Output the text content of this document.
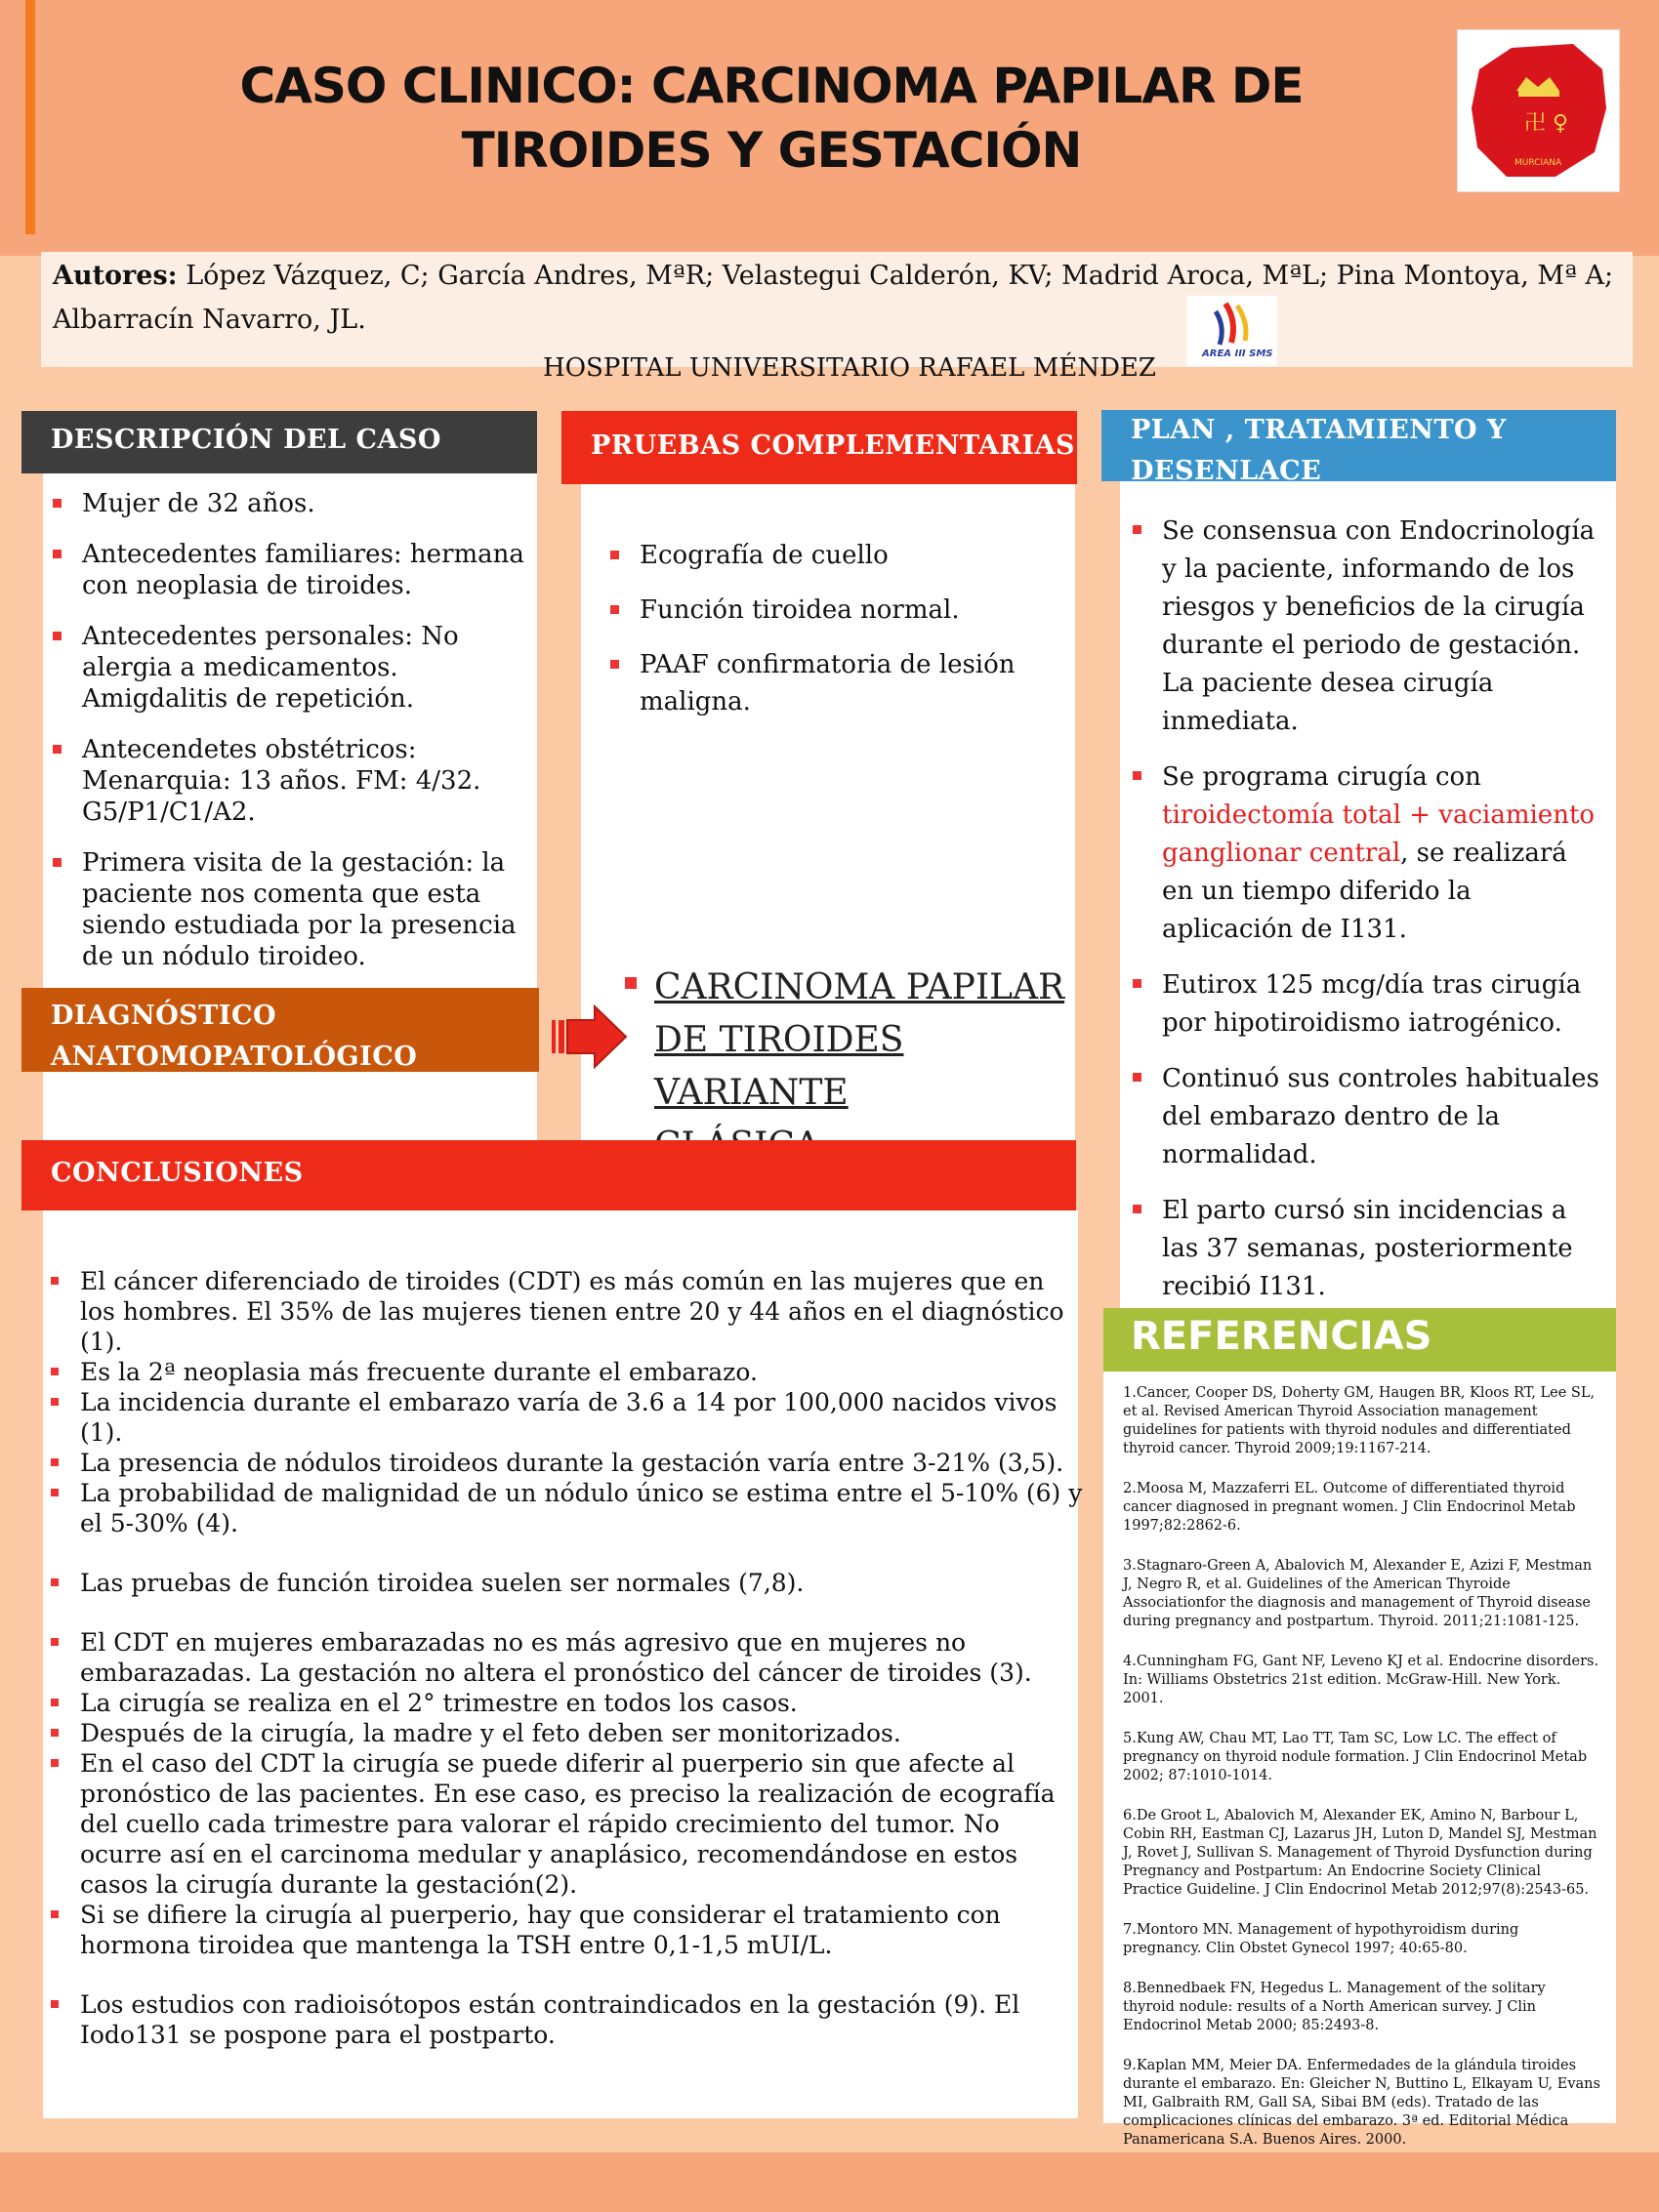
CASO CLINICO: CARCINOMA PAPILAR DE
TIROIDES Y GESTACIÓN	卍 ♀
MURCIANA
Autores: López Vázquez, C; García Andres, MªR; Velastegui Calderón, KV; Madrid Aroca, MªL; Pina Montoya, Mª A;
Albarracín Navarro, JL.
AREA III SMS
HOSPITAL UNIVERSITARIO RAFAEL MÉNDEZ
DESCRIPCIÓN DEL CASO
Mujer de 32 años.
Antecedentes familiares: hermana con neoplasia de tiroides.
Antecedentes personales: No alergia a medicamentos. Amigdalitis de repetición.
Antecendetes obstétricos: Menarquia: 13 años. FM: 4/32. G5/P1/C1/A2.
Primera visita de la gestación: la paciente nos comenta que esta siendo estudiada por la presencia de un nódulo tiroideo.
DIAGNÓSTICO
ANATOMOPATOLÓGICO
PRUEBAS COMPLEMENTARIAS
Ecografía de cuello
Función tiroidea normal.
PAAF confirmatoria de lesión maligna.
CARCINOMA PAPILAR
DE TIROIDES VARIANTE
PLAN , TRATAMIENTO Y
DESENLACE
Se consensua con Endocrinología y la paciente, informando de los riesgos y beneficios de la cirugía durante el periodo de gestación. La paciente desea cirugía inmediata.
Se programa cirugía con tiroidectomía total + vaciamiento ganglionar central, se realizará en un tiempo diferido la aplicación de I131.
Eutirox 125 mcg/día tras cirugía por hipotiroidismo iatrogénico.
Continuó sus controles habituales del embarazo dentro de la normalidad.
El parto cursó sin incidencias a las 37 semanas, posteriormente recibió I131.
REFERENCIAS

1.Cancer, Cooper DS, Doherty GM, Haugen BR, Kloos RT, Lee SL, et al. Revised American Thyroid Association management guidelines for patients with thyroid nodules and differentiated thyroid cancer. Thyroid 2009;19:1167-214.

2.Moosa M, Mazzaferri EL. Outcome of differentiated thyroid cancer diagnosed in pregnant women. J Clin Endocrinol Metab 1997;82:2862-6.

3.Stagnaro-Green A, Abalovich M, Alexander E, Azizi F, Mestman J, Negro R, et al. Guidelines of the American Thyroide Associationfor the diagnosis and management of Thyroid disease during pregnancy and postpartum. Thyroid. 2011;21:1081-125.

4.Cunningham FG, Gant NF, Leveno KJ et al. Endocrine disorders. In: Williams Obstetrics 21st edition. McGraw-Hill. New York. 2001.

5.Kung AW, Chau MT, Lao TT, Tam SC, Low LC. The effect of pregnancy on thyroid nodule formation. J Clin Endocrinol Metab 2002; 87:1010-1014.

6.De Groot L, Abalovich M, Alexander EK, Amino N, Barbour L, Cobin RH, Eastman CJ, Lazarus JH, Luton D, Mandel SJ, Mestman J, Rovet J, Sullivan S. Management of Thyroid Dysfunction during Pregnancy and Postpartum: An Endocrine Society Clinical Practice Guideline. J Clin Endocrinol Metab 2012;97(8):2543-65.

7.Montoro MN. Management of hypothyroidism during pregnancy. Clin Obstet Gynecol 1997; 40:65-80.

8.Bennedbaek FN, Hegedus L. Management of the solitary thyroid nodule: results of a North American survey. J Clin Endocrinol Metab 2000; 85:2493-8.

9.Kaplan MM, Meier DA. Enfermedades de la glándula tiroides durante el embarazo. En: Gleicher N, Buttino L, Elkayam U, Evans MI, Galbraith RM, Gall SA, Sibai BM (eds). Tratado de las complicaciones clínicas del embarazo. 3ª ed. Editorial Médica Panamericana S.A. Buenos Aires. 2000.

CONCLUSIONES
El cáncer diferenciado de tiroides (CDT) es más común en las mujeres que en los hombres. El 35% de las mujeres tienen entre 20 y 44 años en el diagnóstico (1).
Es la 2ª neoplasia más frecuente durante el embarazo.
La incidencia durante el embarazo varía de 3.6 a 14 por 100,000 nacidos vivos (1).
La presencia de nódulos tiroideos durante la gestación varía entre 3-21% (3,5).
La probabilidad de malignidad de un nódulo único se estima entre el 5-10% (6) y el 5-30% (4).
Las pruebas de función tiroidea suelen ser normales (7,8).
El CDT en mujeres embarazadas no es más agresivo que en mujeres no embarazadas. La gestación no altera el pronóstico del cáncer de tiroides (3).
La cirugía se realiza en el 2° trimestre en todos los casos.
Después de la cirugía, la madre y el feto deben ser monitorizados.
En el caso del CDT la cirugía se puede diferir al puerperio sin que afecte al pronóstico de las pacientes. En ese caso, es preciso la realización de ecografía del cuello cada trimestre para valorar el rápido crecimiento del tumor. No ocurre así en el carcinoma medular y anaplásico, recomendándose en estos casos la cirugía durante la gestación(2).
Si se difiere la cirugía al puerperio, hay que considerar el tratamiento con hormona tiroidea que mantenga la TSH entre 0,1-1,5 mUI/L.
Los estudios con radioisótopos están contraindicados en la gestación (9). El Iodo131 se pospone para el postparto.
